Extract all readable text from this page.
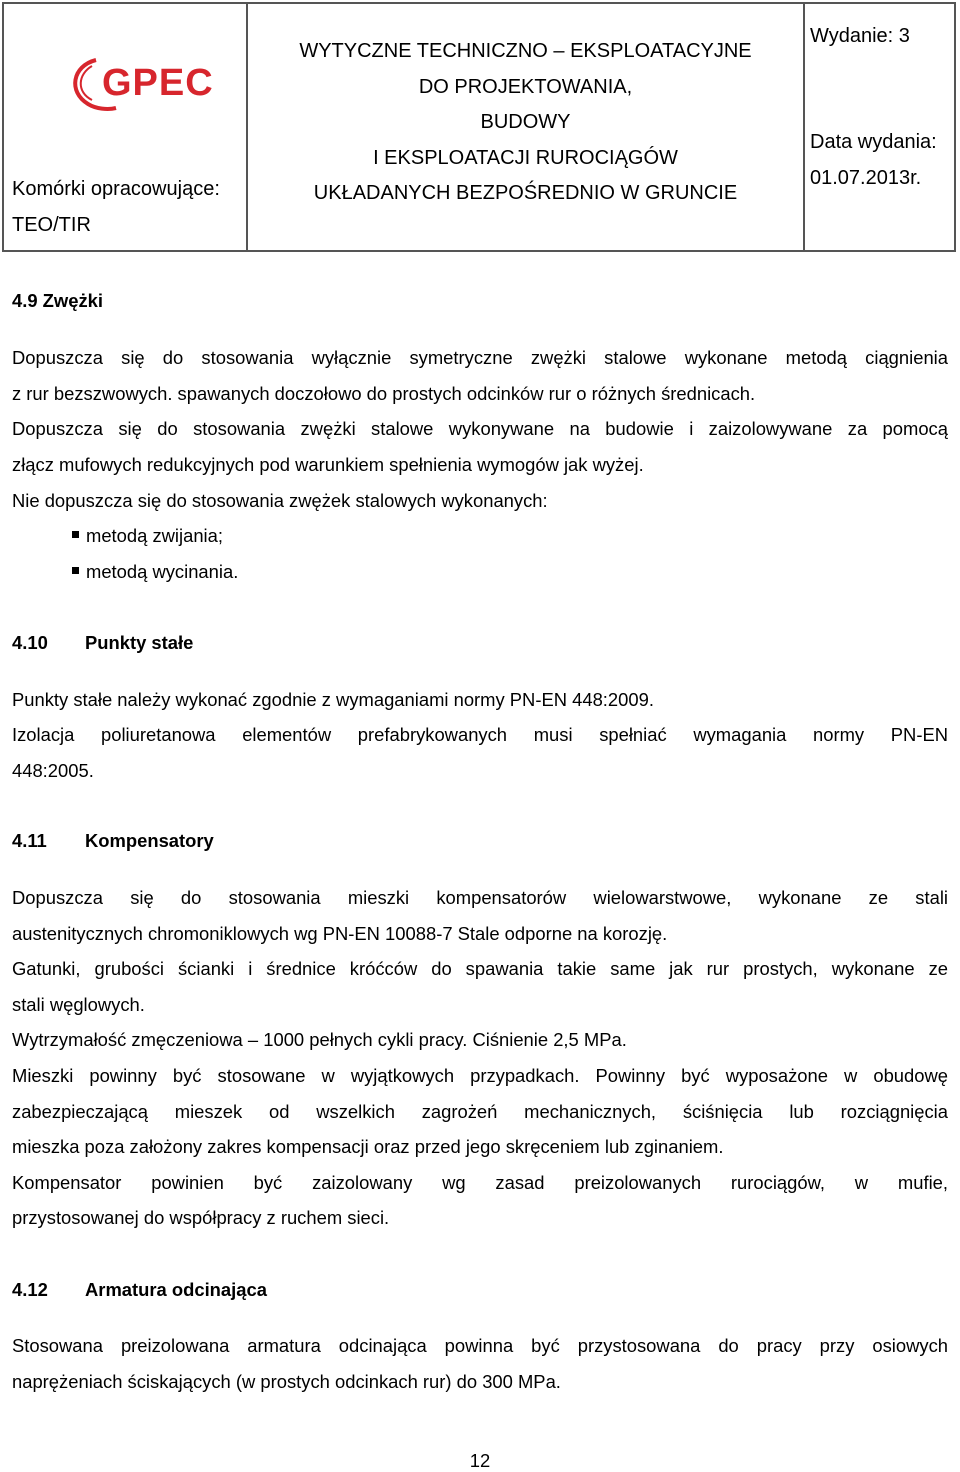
GPEC
Komórki opracowujące:
TEO/TIR
WYTYCZNE TECHNICZNO – EKSPLOATACYJNE
DO PROJEKTOWANIA,
BUDOWY
I EKSPLOATACJI RUROCIĄGÓW
UKŁADANYCH BEZPOŚREDNIO W GRUNCIE
Wydanie: 3
Data wydania:
01.07.2013r.
4.9 Zwężki
Dopuszcza się do stosowania wyłącznie symetryczne zwężki stalowe wykonane metodą ciągnienia
z rur bezszwowych. spawanych doczołowo do prostych odcinków rur o różnych średnicach.
Dopuszcza się do stosowania zwężki stalowe wykonywane na budowie i zaizolowywane za pomocą
złącz mufowych redukcyjnych pod warunkiem spełnienia wymogów jak wyżej.
Nie dopuszcza się do stosowania zwężek stalowych wykonanych:
metodą zwijania;
metodą wycinania.
4.10 Punkty stałe
Punkty stałe należy wykonać zgodnie z wymaganiami normy PN-EN 448:2009.
Izolacja poliuretanowa elementów prefabrykowanych musi spełniać wymagania normy PN-EN
448:2005.
4.11 Kompensatory
Dopuszcza się do stosowania mieszki kompensatorów wielowarstwowe, wykonane ze stali
austenitycznych chromoniklowych wg PN-EN 10088-7 Stale odporne na korozję.
Gatunki, grubości ścianki i średnice króćców do spawania takie same jak rur prostych, wykonane ze
stali węglowych.
Wytrzymałość zmęczeniowa – 1000 pełnych cykli pracy. Ciśnienie 2,5 MPa.
Mieszki powinny być stosowane w wyjątkowych przypadkach. Powinny być wyposażone w obudowę
zabezpieczającą mieszek od wszelkich zagrożeń mechanicznych, ściśnięcia lub rozciągnięcia
mieszka poza założony zakres kompensacji oraz przed jego skręceniem lub zginaniem.
Kompensator powinien być zaizolowany wg zasad preizolowanych rurociągów, w mufie,
przystosowanej do współpracy z ruchem sieci.
4.12 Armatura odcinająca
Stosowana preizolowana armatura odcinająca powinna być przystosowana do pracy przy osiowych
naprężeniach ściskających (w prostych odcinkach rur) do 300 MPa.
12
